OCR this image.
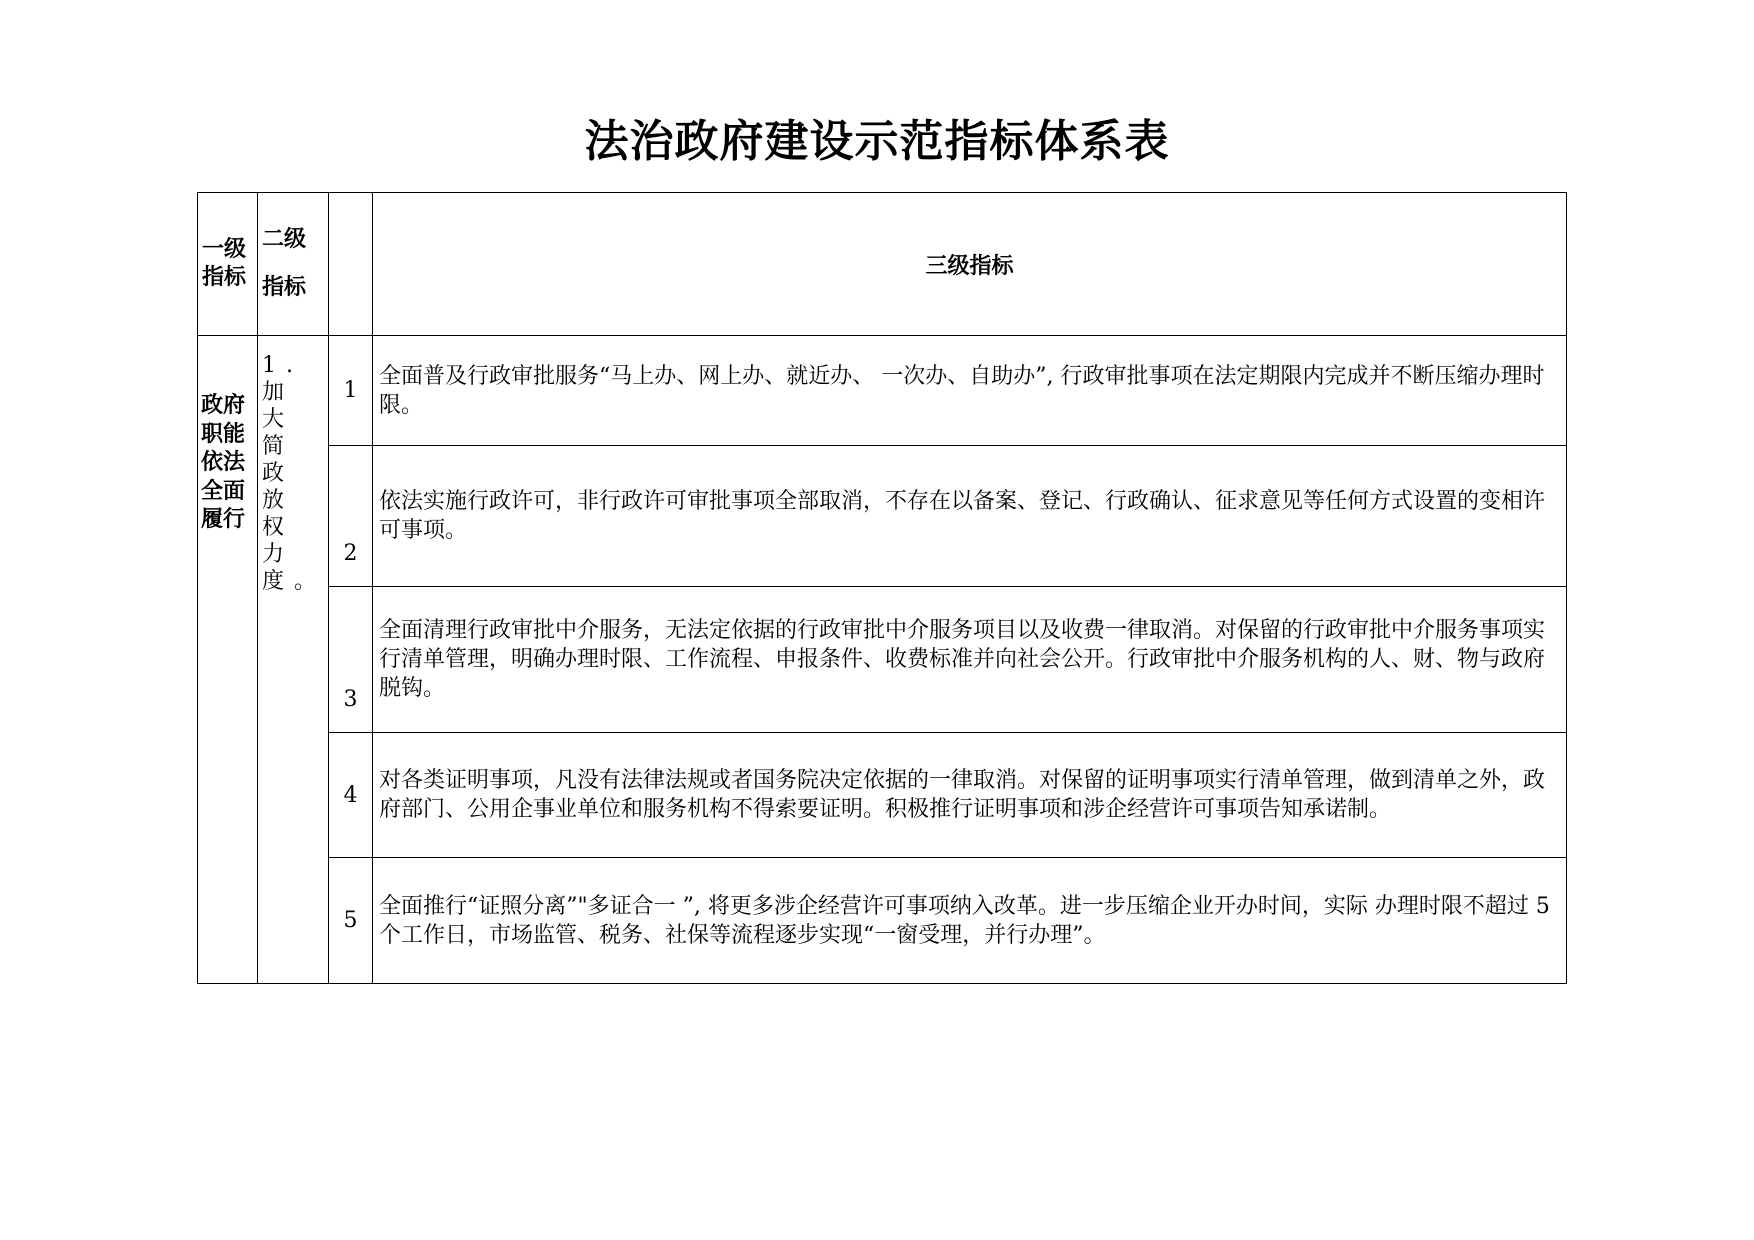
法治政府建设示范指标体系表
一级指标	二级指标		三级指标

政府职能依法全面履行	1.加大简政放权力度。	1	全面普及行政审批服务“马上办、网上办、就近办、 一次办、自助办”, 行政审批事项在法定期限内完成并不断压缩办理时限。
		2	依法实施行政许可，非行政许可审批事项全部取消，不存在以备案、登记、行政确认、征求意见等任何方式设置的变相许可事项。
		3	全面清理行政审批中介服务，无法定依据的行政审批中介服务项目以及收费一律取消。对保留的行政审批中介服务事项实行清单管理，明确办理时限、工作流程、申报条件、收费标准并向社会公开。行政审批中介服务机构的人、财、物与政府脱钩。
		4	对各类证明事项，凡没有法律法规或者国务院决定依据的一律取消。对保留的证明事项实行清单管理，做到清单之外，政府部门、公用企事业单位和服务机构不得索要证明。积极推行证明事项和涉企经营许可事项告知承诺制。
		5	全面推行“证照分离”"多证合一 ”, 将更多涉企经营许可事项纳入改革。进一步压缩企业开办时间，实际 办理时限不超过 5 个工作日，市场监管、税务、社保等流程逐步实现“一窗受理，并行办理”。
